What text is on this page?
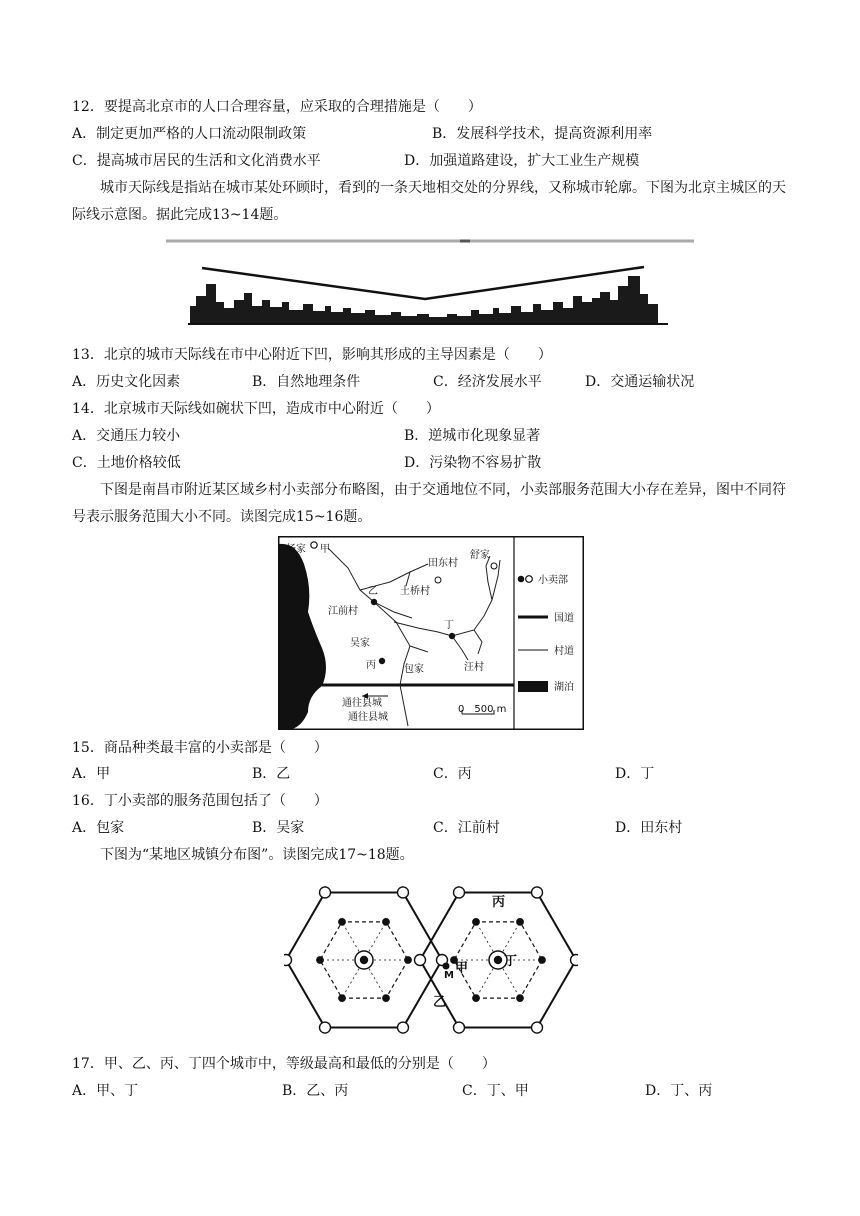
12．要提高北京市的人口合理容量，应采取的合理措施是（　　）
A．制定更加严格的人口流动限制政策	B．发展科学技术，提高资源利用率
C．提高城市居民的生活和文化消费水平	D．加强道路建设，扩大工业生产规模
城市天际线是指站在城市某处环顾时，看到的一条天地相交处的分界线，又称城市轮廓。下图为北京主城区的天际线示意图。据此完成13~14题。
13．北京的城市天际线在市中心附近下凹，影响其形成的主导因素是（　　）
A．历史文化因素	B．自然地理条件	C．经济发展水平	D．交通运输状况
14．北京城市天际线如碗状下凹，造成市中心附近（　　）
A．交通压力较小	B．逆城市化现象显著
C．土地价格较低	D．污染物不容易扩散
下图是南昌市附近某区域乡村小卖部分布略图，由于交通地位不同，小卖部服务范围大小存在差异，图中不同符号表示服务范围大小不同。读图完成15~16题。
杨家 甲
乙
江前村
土桥村
田东村
舒家
丁
吴家
丙	包家	汪村
通往县城
通往县城
0　500 m
小卖部
国道
村道
湖泊
15．商品种类最丰富的小卖部是（　　）
A．甲	B．乙	C．丙	D．丁
16．丁小卖部的服务范围包括了（　　）
A．包家	B．吴家	C．江前村	D．田东村
下图为“某地区城镇分布图”。读图完成17~18题。
甲
乙
丙
丁
M
17．甲、乙、丙、丁四个城市中，等级最高和最低的分别是（　　）
A．甲、丁	B．乙、丙	C．丁、甲	D．丁、丙
